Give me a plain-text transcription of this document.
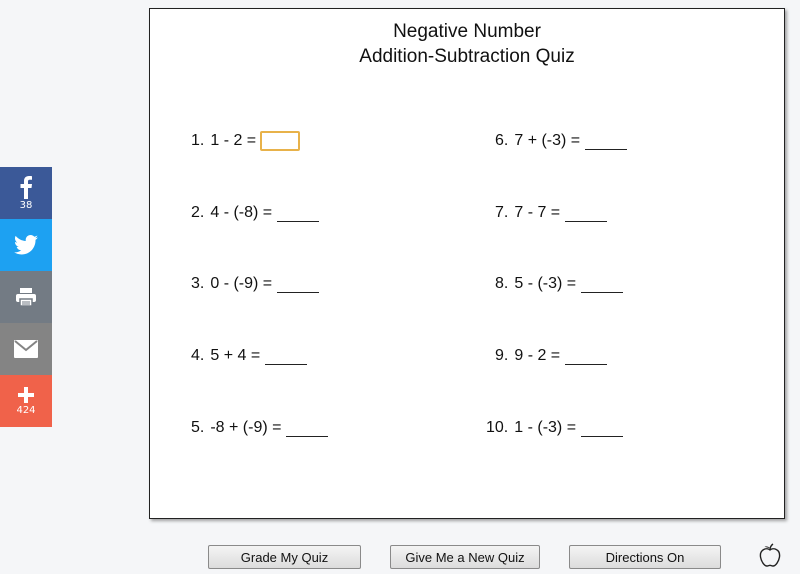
38
424
Negative Number
Addition-Subtraction Quiz
1. 1 - 2 =
2. 4 - (-8) =
3. 0 - (-9) =
4. 5 + 4 =
5. -8 + (-9) =
6. 7 + (-3) =
7. 7 - 7 =
8. 5 - (-3) =
9. 9 - 2 =
10. 1 - (-3) =
Grade My Quiz	Give Me a New Quiz	Directions On
